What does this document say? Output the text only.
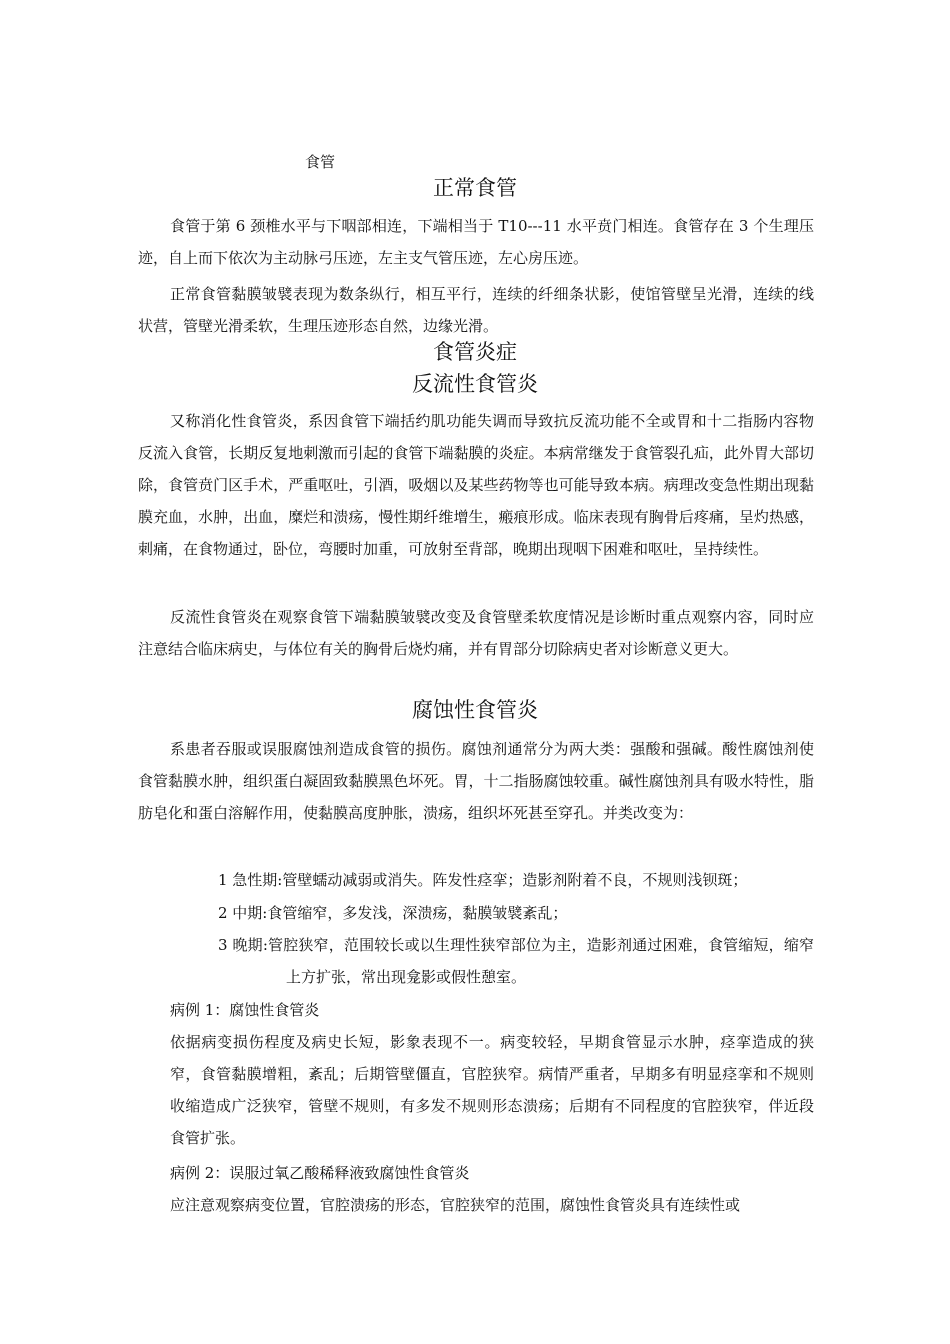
食管
正常食管

食管于第 6 颈椎水平与下咽部相连，下端相当于 T10---11 水平贲门相连。食管存在 3 个生理压迹，自上而下依次为主动脉弓压迹，左主支气管压迹，左心房压迹。

正常食管黏膜皱襞表现为数条纵行，相互平行，连续的纤细条状影，使馆管壁呈光滑，连续的线状营，管壁光滑柔软，生理压迹形态自然，边缘光滑。

食管炎症
反流性食管炎

又称消化性食管炎，系因食管下端括约肌功能失调而导致抗反流功能不全或胃和十二指肠内容物反流入食管，长期反复地刺激而引起的食管下端黏膜的炎症。本病常继发于食管裂孔疝，此外胃大部切除，食管贲门区手术，严重呕吐，引酒，吸烟以及某些药物等也可能导致本病。病理改变急性期出现黏膜充血，水肿，出血，糜烂和溃疡，慢性期纤维增生，瘢痕形成。临床表现有胸骨后疼痛，呈灼热感，刺痛，在食物通过，卧位，弯腰时加重，可放射至背部，晚期出现咽下困难和呕吐，呈持续性。

反流性食管炎在观察食管下端黏膜皱襞改变及食管壁柔软度情况是诊断时重点观察内容，同时应注意结合临床病史，与体位有关的胸骨后烧灼痛，并有胃部分切除病史者对诊断意义更大。

腐蚀性食管炎

系患者吞服或误服腐蚀剂造成食管的损伤。腐蚀剂通常分为两大类：强酸和强碱。酸性腐蚀剂使食管黏膜水肿，组织蛋白凝固致黏膜黑色坏死。胃，十二指肠腐蚀较重。碱性腐蚀剂具有吸水特性，脂肪皂化和蛋白溶解作用，使黏膜高度肿胀，溃疡，组织坏死甚至穿孔。并类改变为：

1 急性期:管壁蠕动减弱或消失。阵发性痉挛；造影剂附着不良，不规则浅钡斑；

2 中期:食管缩窄，多发浅，深溃疡，黏膜皱襞紊乱；

3 晚期:管腔狭窄，范围较长或以生理性狭窄部位为主，造影剂通过困难，食管缩短，缩窄上方扩张，常出现龛影或假性憩室。

病例 1：腐蚀性食管炎

依据病变损伤程度及病史长短，影象表现不一。病变较轻，早期食管显示水肿，痉挛造成的狭窄，食管黏膜增粗，紊乱；后期管壁僵直，官腔狭窄。病情严重者，早期多有明显痉挛和不规则收缩造成广泛狭窄，管壁不规则，有多发不规则形态溃疡；后期有不同程度的官腔狭窄，伴近段食管扩张。

病例 2：误服过氧乙酸稀释液致腐蚀性食管炎

应注意观察病变位置，官腔溃疡的形态，官腔狭窄的范围，腐蚀性食管炎具有连续性或
